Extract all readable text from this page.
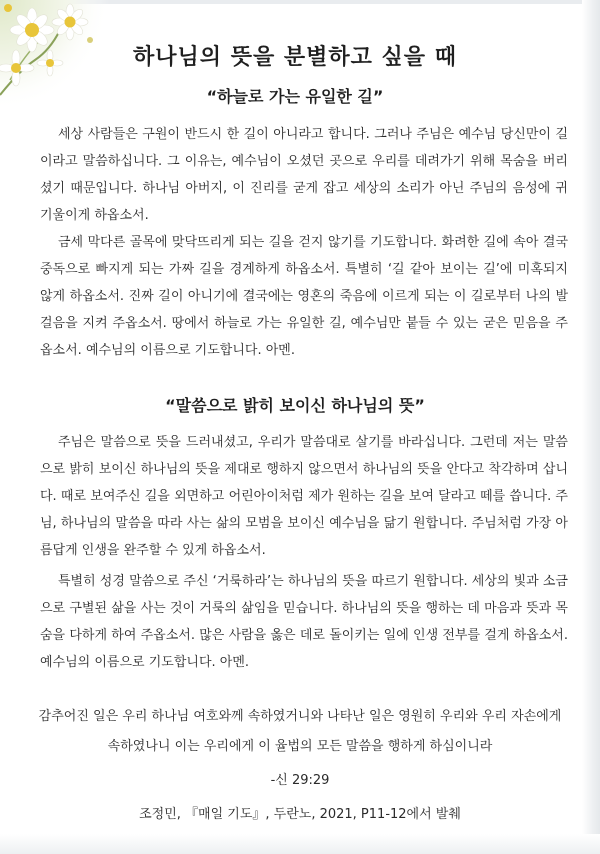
하나님의 뜻을 분별하고 싶을 때
“하늘로 가는 유일한 길”

세상 사람들은 구원이 반드시 한 길이 아니라고 합니다. 그러나 주님은 예수님 당신만이 길이라고 말씀하십니다. 그 이유는, 예수님이 오셨던 곳으로 우리를 데려가기 위해 목숨을 버리셨기 때문입니다. 하나님 아버지, 이 진리를 굳게 잡고 세상의 소리가 아닌 주님의 음성에 귀 기울이게 하옵소서.

금세 막다른 골목에 맞닥뜨리게 되는 길을 걷지 않기를 기도합니다. 화려한 길에 속아 결국 중독으로 빠지게 되는 가짜 길을 경계하게 하옵소서. 특별히 ‘길 같아 보이는 길’에 미혹되지 않게 하옵소서. 진짜 길이 아니기에 결국에는 영혼의 죽음에 이르게 되는 이 길로부터 나의 발걸음을 지켜 주옵소서. 땅에서 하늘로 가는 유일한 길, 예수님만 붙들 수 있는 굳은 믿음을 주옵소서. 예수님의 이름으로 기도합니다. 아멘.

“말씀으로 밝히 보이신 하나님의 뜻”

주님은 말씀으로 뜻을 드러내셨고, 우리가 말씀대로 살기를 바라십니다. 그런데 저는 말씀으로 밝히 보이신 하나님의 뜻을 제대로 행하지 않으면서 하나님의 뜻을 안다고 착각하며 삽니다. 때로 보여주신 길을 외면하고 어린아이처럼 제가 원하는 길을 보여 달라고 떼를 씁니다. 주님, 하나님의 말씀을 따라 사는 삶의 모범을 보이신 예수님을 닮기 원합니다. 주님처럼 가장 아름답게 인생을 완주할 수 있게 하옵소서.

특별히 성경 말씀으로 주신 ‘거룩하라’는 하나님의 뜻을 따르기 원합니다. 세상의 빛과 소금으로 구별된 삶을 사는 것이 거룩의 삶임을 믿습니다. 하나님의 뜻을 행하는 데 마음과 뜻과 목숨을 다하게 하여 주옵소서. 많은 사람을 옳은 데로 돌이키는 일에 인생 전부를 걸게 하옵소서. 예수님의 이름으로 기도합니다. 아멘.

감추어진 일은 우리 하나님 여호와께 속하였거니와 나타난 일은 영원히 우리와 우리 자손에게
속하였나니 이는 우리에게 이 율법의 모든 말씀을 행하게 하심이니라
-신 29:29
조정민, 『매일 기도』, 두란노, 2021, P11-12에서 발췌
